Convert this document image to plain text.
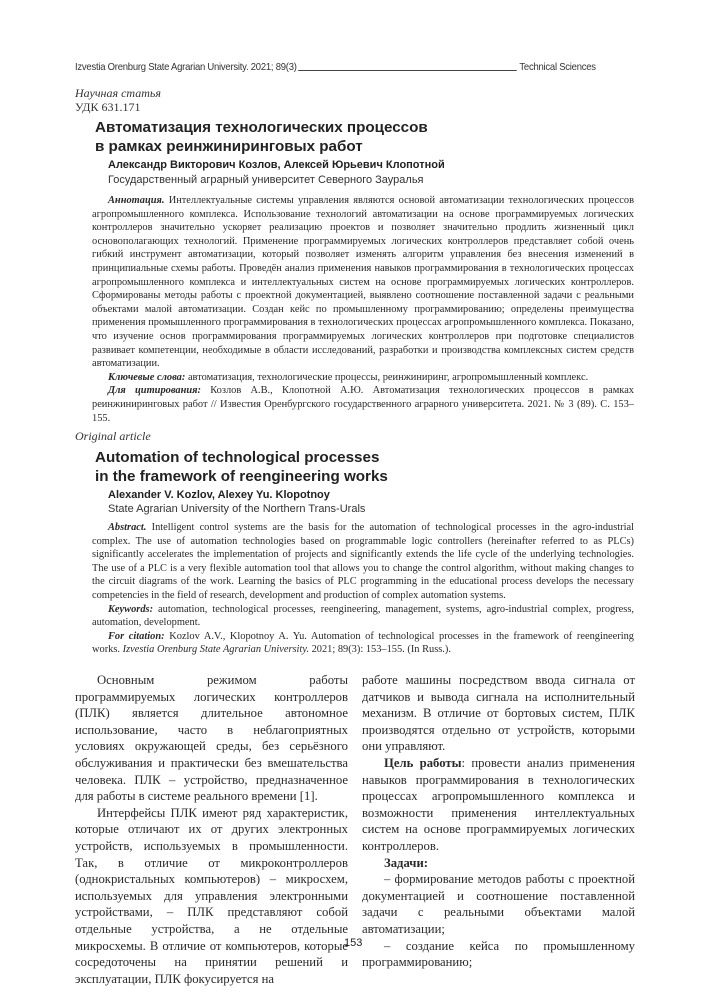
Izvestia Orenburg State Agrarian University. 2021; 89(3)	Technical Sciences
Научная статья
УДК 631.171
Автоматизация технологических процессов
в рамках реинжиниринговых работ
Александр Викторович Козлов, Алексей Юрьевич Клопотной
Государственный аграрный университет Северного Зауралья

Аннотация. Интеллектуальные системы управления являются основой автоматизации технологических процессов агропромышленного комплекса. Использование технологий автоматизации на основе программируемых логических контроллеров значительно ускоряет реализацию проектов и позволяет значительно продлить жизненный цикл основополагающих технологий. Применение программируемых логических контроллеров представляет собой очень гибкий инструмент автоматизации, который позволяет изменять алгоритм управления без внесения изменений в принципиальные схемы работы. Проведён анализ применения навыков программирования в технологических процессах агропромышленного комплекса и интеллектуальных систем на основе программируемых логических контроллеров. Сформированы методы работы с проектной документацией, выявлено соотношение поставленной задачи с реальными объектами малой автоматизации. Создан кейс по промышленному программированию; определены преимущества применения промышленного программирования в технологических процессах агропромышленного комплекса. Показано, что изучение основ программирования программируемых логических контроллеров при подготовке специалистов развивает компетенции, необходимые в области исследований, разработки и производства комплексных систем средств автоматизации.

Ключевые слова: автоматизация, технологические процессы, реинжиниринг, агропромышленный комплекс.

Для цитирования: Козлов А.В., Клопотной А.Ю. Автоматизация технологических процессов в рамках реинжиниринговых работ // Известия Оренбургского государственного аграрного университета. 2021. № 3 (89). С. 153–155.

Original article
Automation of technological processes
in the framework of reengineering works
Alexander V. Kozlov, Alexey Yu. Klopotnoy
State Agrarian University of the Northern Trans-Urals

Abstract. Intelligent control systems are the basis for the automation of technological processes in the agro-industrial complex. The use of automation technologies based on programmable logic controllers (hereinafter referred to as PLCs) significantly accelerates the implementation of projects and significantly extends the life cycle of the underlying technologies. The use of a PLC is a very flexible automation tool that allows you to change the control algorithm, without making changes to the circuit diagrams of the work. Learning the basics of PLC programming in the educational process develops the necessary competencies in the field of research, development and production of complex automation systems.

Keywords: automation, technological processes, reengineering, management, systems, agro-industrial complex, progress, automation, development.

For citation: Kozlov A.V., Klopotnoy A. Yu. Automation of technological processes in the framework of reengineering works. Izvestia Orenburg State Agrarian University. 2021; 89(3): 153–155. (In Russ.).

Основным режимом работы программируемых логических контроллеров (ПЛК) является длительное автономное использование, часто в неблагоприятных условиях окружающей среды, без серьёзного обслуживания и практически без вмешательства человека. ПЛК – устройство, предназначенное для работы в системе реального времени [1].

Интерфейсы ПЛК имеют ряд характеристик, которые отличают их от других электронных устройств, используемых в промышленности. Так, в отличие от микроконтроллеров (однокристальных компьютеров) – микросхем, используемых для управления электронными устройствами, – ПЛК представляют собой отдельные устройства, а не отдельные микросхемы. В отличие от компьютеров, которые сосредоточены на принятии решений и эксплуатации, ПЛК фокусируется на

работе машины посредством ввода сигнала от датчиков и вывода сигнала на исполнительный механизм. В отличие от бортовых систем, ПЛК производятся отдельно от устройств, которыми они управляют.

Цель работы: провести анализ применения навыков программирования в технологических процессах агропромышленного комплекса и возможности применения интеллектуальных систем на основе программируемых логических контроллеров.

Задачи:

– формирование методов работы с проектной документацией и соотношение поставленной задачи с реальными объектами малой автоматизации;

– создание кейса по промышленному программированию;

153
